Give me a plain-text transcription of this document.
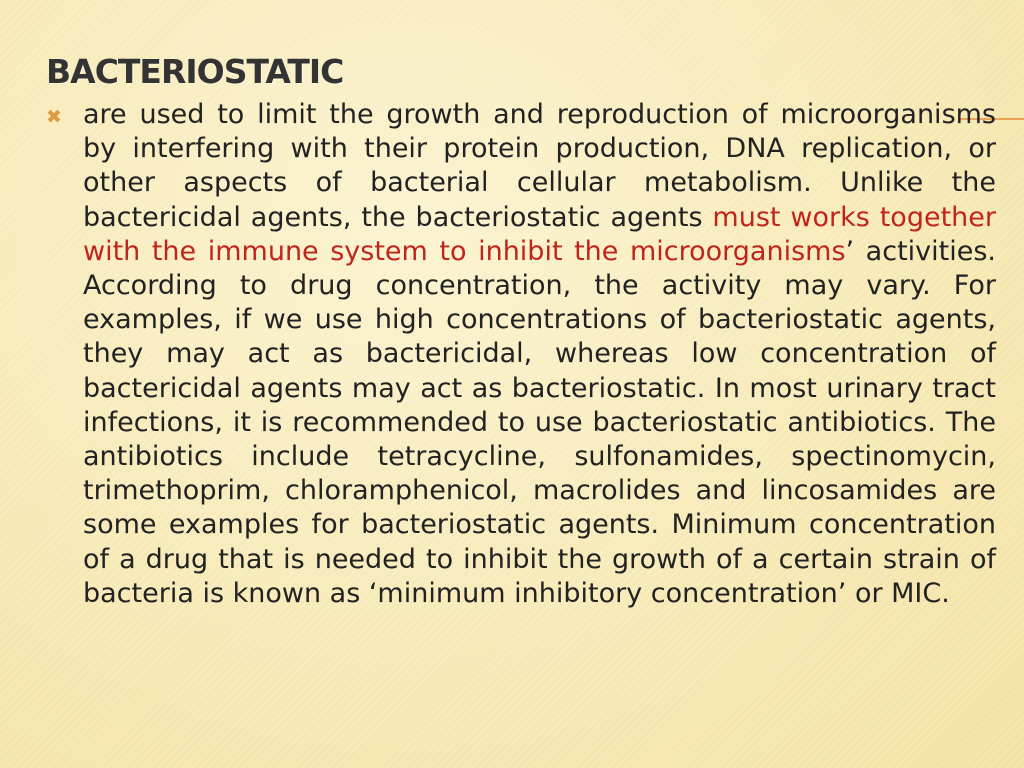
BACTERIOSTATIC
✖ are used to limit the growth and reproduction of microorganisms by interfering with their protein production, DNA replication, or other aspects of bacterial cellular metabolism. Unlike the bactericidal agents, the bacteriostatic agents must works together with the immune system to inhibit the microorganisms’ activities. According to drug concentration, the activity may vary. For examples, if we use high concentrations of bacteriostatic agents, they may act as bactericidal, whereas low concentration of bactericidal agents may act as bacteriostatic. In most urinary tract infections, it is recommended to use bacteriostatic antibiotics. The antibiotics include tetracycline, sulfonamides, spectinomycin, trimethoprim, chloramphenicol, macrolides and lincosamides are some examples for bacteriostatic agents. Minimum concentration of a drug that is needed to inhibit the growth of a certain strain of bacteria is known as ‘minimum inhibitory concentration’ or MIC.
